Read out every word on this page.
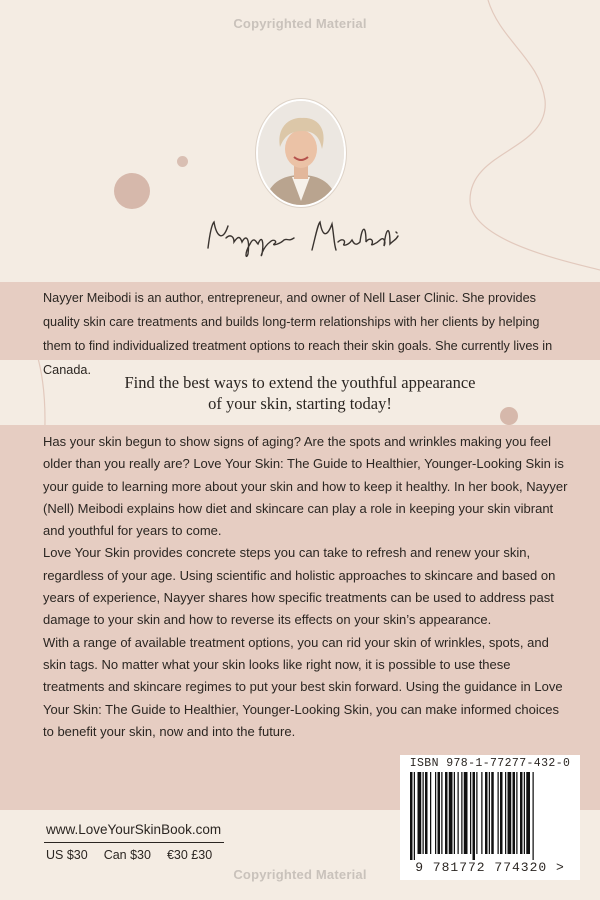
Copyrighted Material

Nayyer Meibodi is an author, entrepreneur, and owner of Nell Laser Clinic. She provides quality skin care treatments and builds long-term relationships with her clients by helping them to find individualized treatment options to reach their skin goals. She currently lives in Canada.

Find the best ways to extend the youthful appearance
of your skin, starting today!

Has your skin begun to show signs of aging? Are the spots and wrinkles making you feel older than you really are? Love Your Skin: The Guide to Healthier, Younger-Looking Skin is your guide to learning more about your skin and how to keep it healthy. In her book, Nayyer (Nell) Meibodi explains how diet and skincare can play a role in keeping your skin vibrant and youthful for years to come.

Love Your Skin provides concrete steps you can take to refresh and renew your skin, regardless of your age. Using scientific and holistic approaches to skincare and based on years of experience, Nayyer shares how specific treatments can be used to address past damage to your skin and how to reverse its effects on your skin’s appearance.

With a range of available treatment options, you can rid your skin of wrinkles, spots, and skin tags. No matter what your skin looks like right now, it is possible to use these treatments and skincare regimes to put your best skin forward. Using the guidance in Love Your Skin: The Guide to Healthier, Younger-Looking Skin, you can make informed choices to benefit your skin, now and into the future.

www.LoveYourSkinBook.com
US $30 Can $30 €30 £30
ISBN 978-1-77277-432-0
9 781772 774320 >
Copyrighted Material
